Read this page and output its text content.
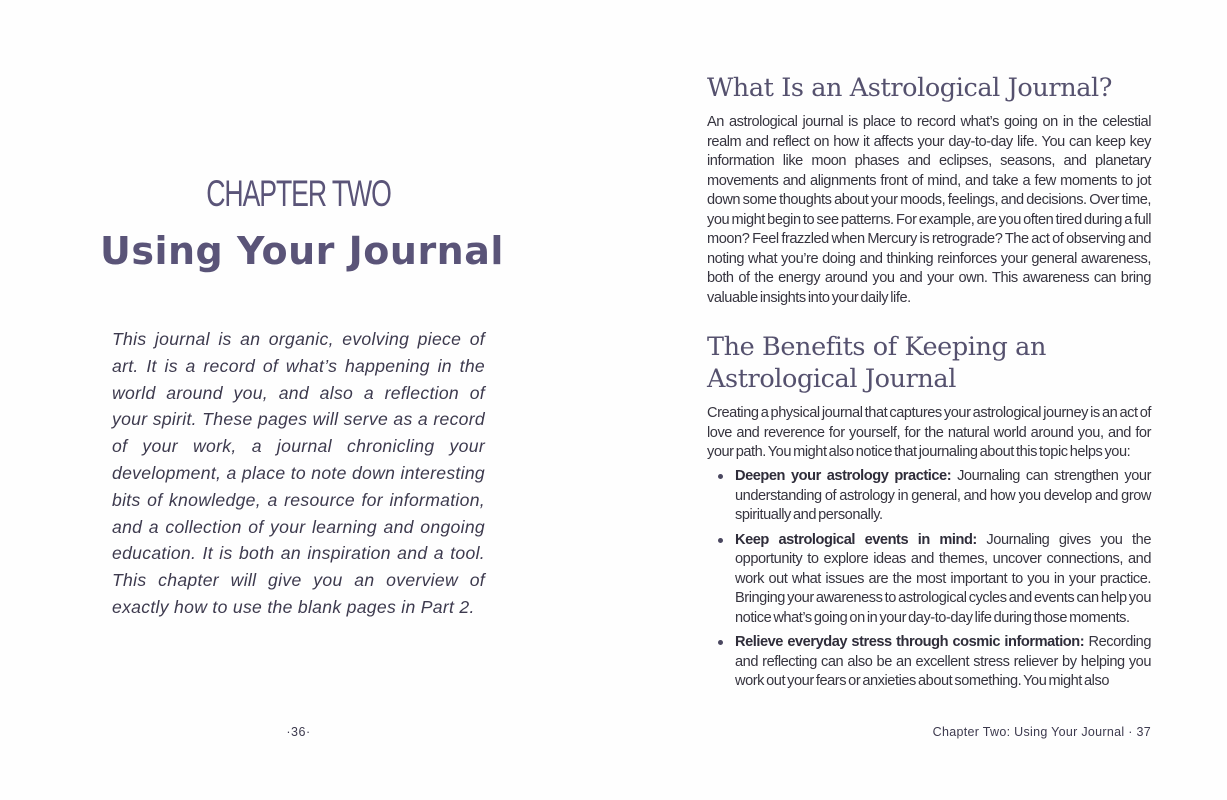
CHAPTER TWO
Using Your Journal

This journal is an organic, evolving piece of art. It is a record of what’s happening in the world around you, and also a reflection of your spirit. These pages will serve as a record of your work, a journal chronicling your development, a place to note down interesting bits of knowledge, a resource for information, and a collection of your learning and ongoing education. It is both an inspiration and a tool. This chapter will give you an overview of exactly how to use the blank pages in Part 2.

·36·
What Is an Astrological Journal?

An astrological journal is place to record what’s going on in the celestial realm and reflect on how it affects your day-to-day life. You can keep key information like moon phases and eclipses, seasons, and planetary movements and alignments front of mind, and take a few moments to jot down some thoughts about your moods, feelings, and decisions. Over time, you might begin to see patterns. For example, are you often tired during a full moon? Feel frazzled when Mercury is retrograde? The act of observing and noting what you’re doing and thinking reinforces your general awareness, both of the energy around you and your own. This awareness can bring valuable insights into your daily life.

The Benefits of Keeping an Astrological Journal

Creating a physical journal that captures your astrological journey is an act of love and reverence for yourself, for the natural world around you, and for your path. You might also notice that journaling about this topic helps you:

Deepen your astrology practice: Journaling can strengthen your understanding of astrology in general, and how you develop and grow spiritually and personally.
Keep astrological events in mind: Journaling gives you the opportunity to explore ideas and themes, uncover connections, and work out what issues are the most important to you in your practice. Bringing your awareness to astrological cycles and events can help you notice what’s going on in your day-to-day life during those moments.
Relieve everyday stress through cosmic information: Recording and reflecting can also be an excellent stress reliever by helping you work out your fears or anxieties about something. You might also
Chapter Two: Using Your Journal · 37
